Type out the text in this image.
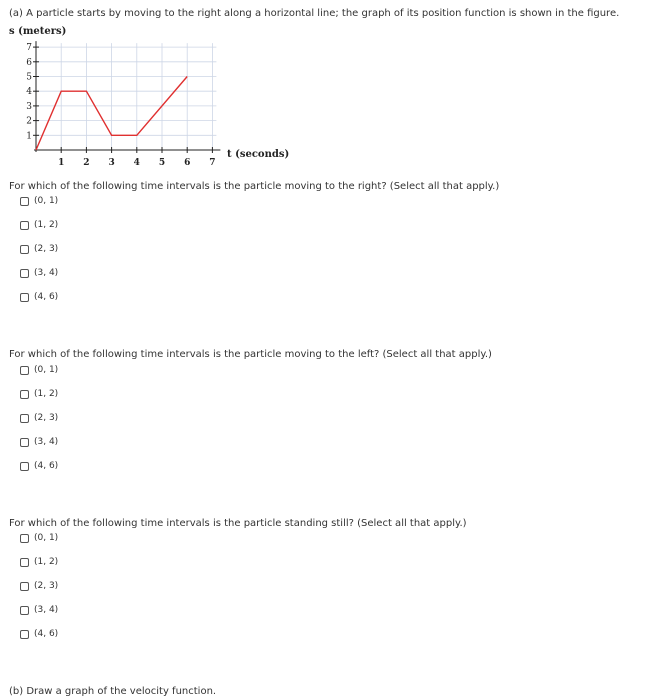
(a) A particle starts by moving to the right along a horizontal line; the graph of its position function is shown in the figure.
s (meters)
1
2
3
4
5
6
7
1 2 3 4 5 6 7
t (seconds)
For which of the following time intervals is the particle moving to the right? (Select all that apply.)
(0, 1)
(1, 2)
(2, 3)
(3, 4)
(4, 6)
For which of the following time intervals is the particle moving to the left? (Select all that apply.)
(0, 1)
(1, 2)
(2, 3)
(3, 4)
(4, 6)
For which of the following time intervals is the particle standing still? (Select all that apply.)
(0, 1)
(1, 2)
(2, 3)
(3, 4)
(4, 6)
(b) Draw a graph of the velocity function.
